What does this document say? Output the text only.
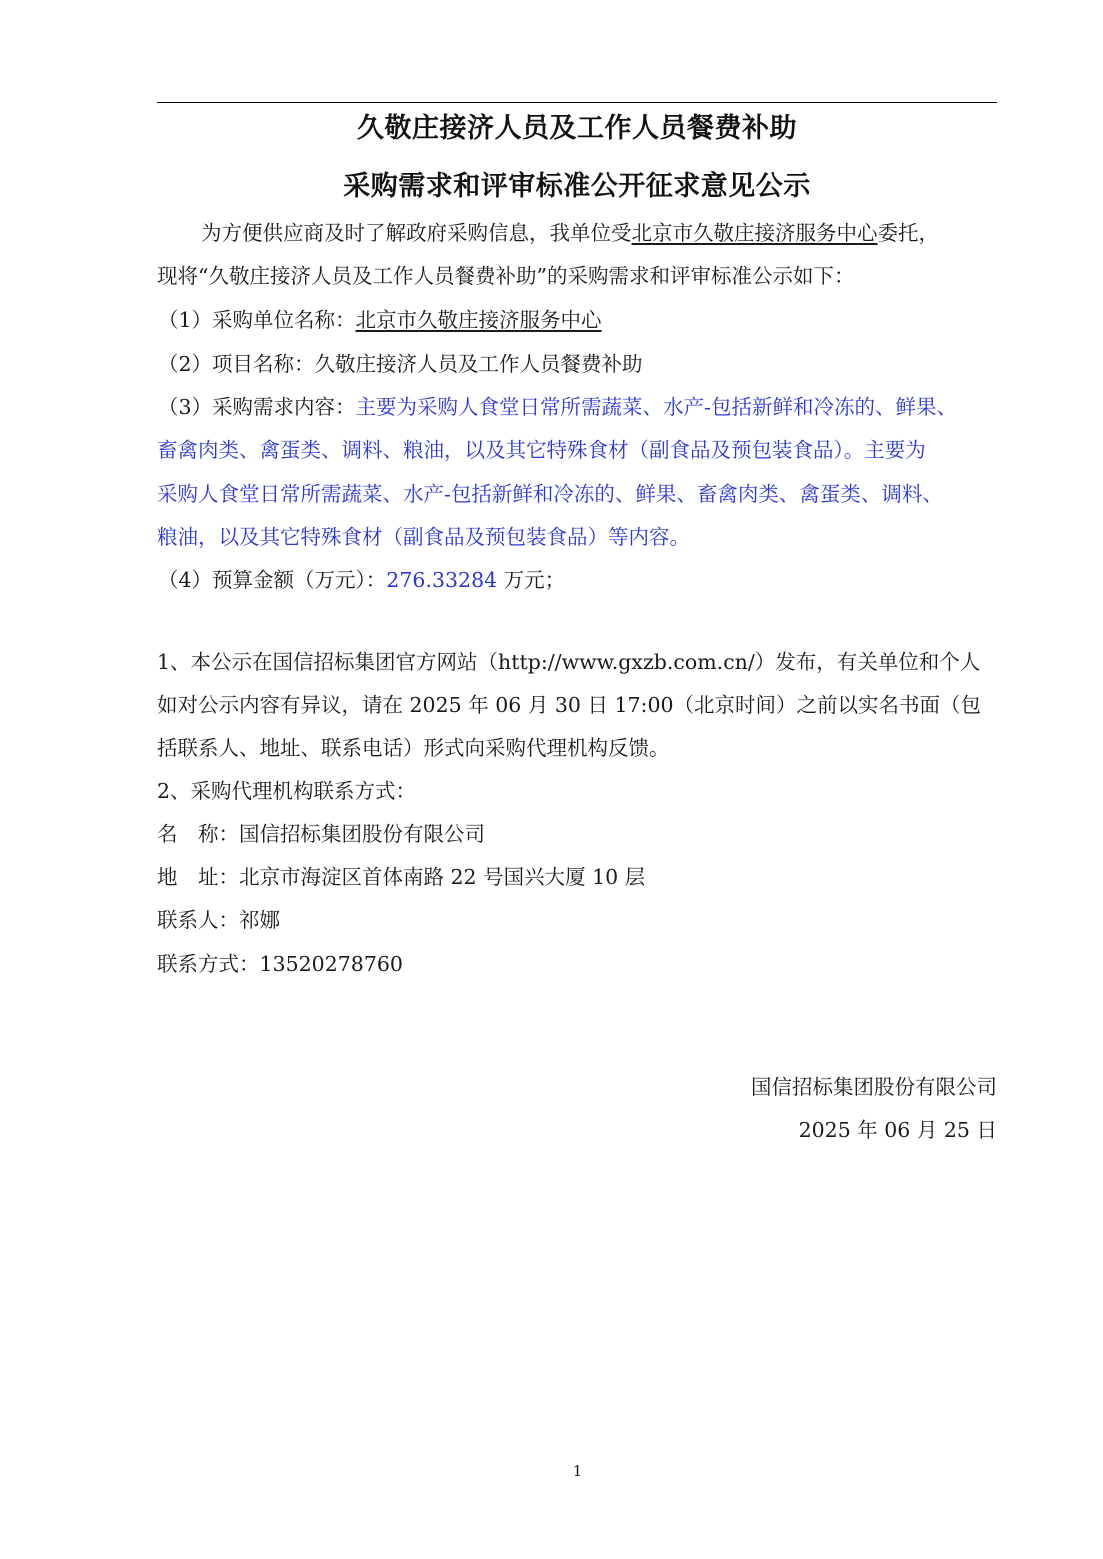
久敬庄接济人员及工作人员餐费补助
采购需求和评审标准公开征求意见公示
为方便供应商及时了解政府采购信息，我单位受北京市久敬庄接济服务中心委托，
现将“久敬庄接济人员及工作人员餐费补助”的采购需求和评审标准公示如下：
（1）采购单位名称：北京市久敬庄接济服务中心
（2）项目名称：久敬庄接济人员及工作人员餐费补助
（3）采购需求内容：主要为采购人食堂日常所需蔬菜、水产-包括新鲜和冷冻的、鲜果、
畜禽肉类、禽蛋类、调料、粮油，以及其它特殊食材（副食品及预包装食品）。主要为
采购人食堂日常所需蔬菜、水产-包括新鲜和冷冻的、鲜果、畜禽肉类、禽蛋类、调料、
粮油，以及其它特殊食材（副食品及预包装食品）等内容。
（4）预算金额（万元）：276.33284 万元；
1、本公示在国信招标集团官方网站（http://www.gxzb.com.cn/）发布，有关单位和个人
如对公示内容有异议，请在 2025 年 06 月 30 日 17:00（北京时间）之前以实名书面（包
括联系人、地址、联系电话）形式向采购代理机构反馈。
2、采购代理机构联系方式：
名　称：国信招标集团股份有限公司
地　址：北京市海淀区首体南路 22 号国兴大厦 10 层
联系人：祁娜
联系方式：13520278760
国信招标集团股份有限公司
2025 年 06 月 25 日
1
